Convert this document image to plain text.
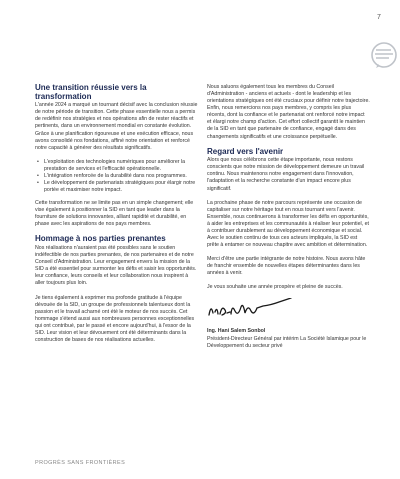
7
Une transition réussie vers la transformation

L'année 2024 a marqué un tournant décisif avec la conclusion réussie de notre période de transition. Cette phase essentielle nous a permis de redéfinir nos stratégies et nos opérations afin de rester réactifs et pertinents, dans un environnement mondial en constante évolution. Grâce à une planification rigoureuse et une exécution efficace, nous avons consolidé nos fondations, affiné notre orientation et renforcé notre capacité à générer des résultats significatifs.

• L'exploitation des technologies numériques pour améliorer la prestation de services et l'efficacité opérationnelle.
• L'intégration renforcée de la durabilité dans nos programmes.
• Le développement de partenariats stratégiques pour élargir notre portée et maximiser notre impact.

Cette transformation ne se limite pas en un simple changement; elle vise également à positionner la SID en tant que leader dans la fourniture de solutions innovantes, alliant rapidité et durabilité, en phase avec les aspirations de nos pays membres.

Hommage à nos parties prenantes

Nos réalisations n'auraient pas été possibles sans le soutien indéfectible de nos parties prenantes, de nos partenaires et de notre Conseil d'Administration. Leur engagement envers la mission de la SID a été essentiel pour surmonter les défis et saisir les opportunités. leur confiance, leurs conseils et leur collaboration nous inspirent à aller toujours plus loin.

Je tiens également à exprimer ma profonde gratitude à l'équipe dévouée de la SID, un groupe de professionnels talentueux dont la passion et le travail acharné ont été le moteur de nos succès. Cet hommage s'étend aussi aux nombreuses personnes exceptionnelles qui ont contribué, par le passé et encore aujourd'hui, à l'essor de la SID. Leur vision et leur dévouement ont été déterminants dans la construction de bases de nos réalisations actuelles.

Nous saluons également tous les membres du Conseil d'Administration - anciens et actuels - dont le leadership et les orientations stratégiques ont été cruciaux pour définir notre trajectoire. Enfin, nous remercions nos pays membres, y compris les plus récents, dont la confiance et le partenariat ont renforcé notre impact et élargi notre champ d'action. Cet effort collectif garantit le maintien de la SID en tant que partenaire de confiance, engagé dans des changements significatifs et une croissance perpétuelle.

Regard vers l'avenir

Alors que nous célébrons cette étape importante, nous restons conscients que notre mission de développement demeure un travail continu. Nous maintenons notre engagement dans l'innovation, l'adaptation et la recherche constante d'un impact encore plus significatif.

La prochaine phase de notre parcours représente une occasion de capitaliser sur notre héritage tout en nous tournant vers l'avenir. Ensemble, nous continuerons à transformer les défis en opportunités, à aider les entreprises et les communautés à réaliser leur potentiel, et à contribuer durablement au développement économique et social. Avec le soutien continu de tous ces acteurs impliqués, la SID est prête à entamer ce nouveau chapitre avec ambition et détermination.

Merci d'être une partie intégrante de notre histoire. Nous avons hâte de franchir ensemble de nouvelles étapes déterminantes dans les années à venir.

Je vous souhaite une année prospère et pleine de succès.

Ing. Hani Salem Sonbol
Président-Directeur Général par intérim La Société Islamique pour le Développement du secteur privé
PROGRÈS SANS FRONTIÈRES
